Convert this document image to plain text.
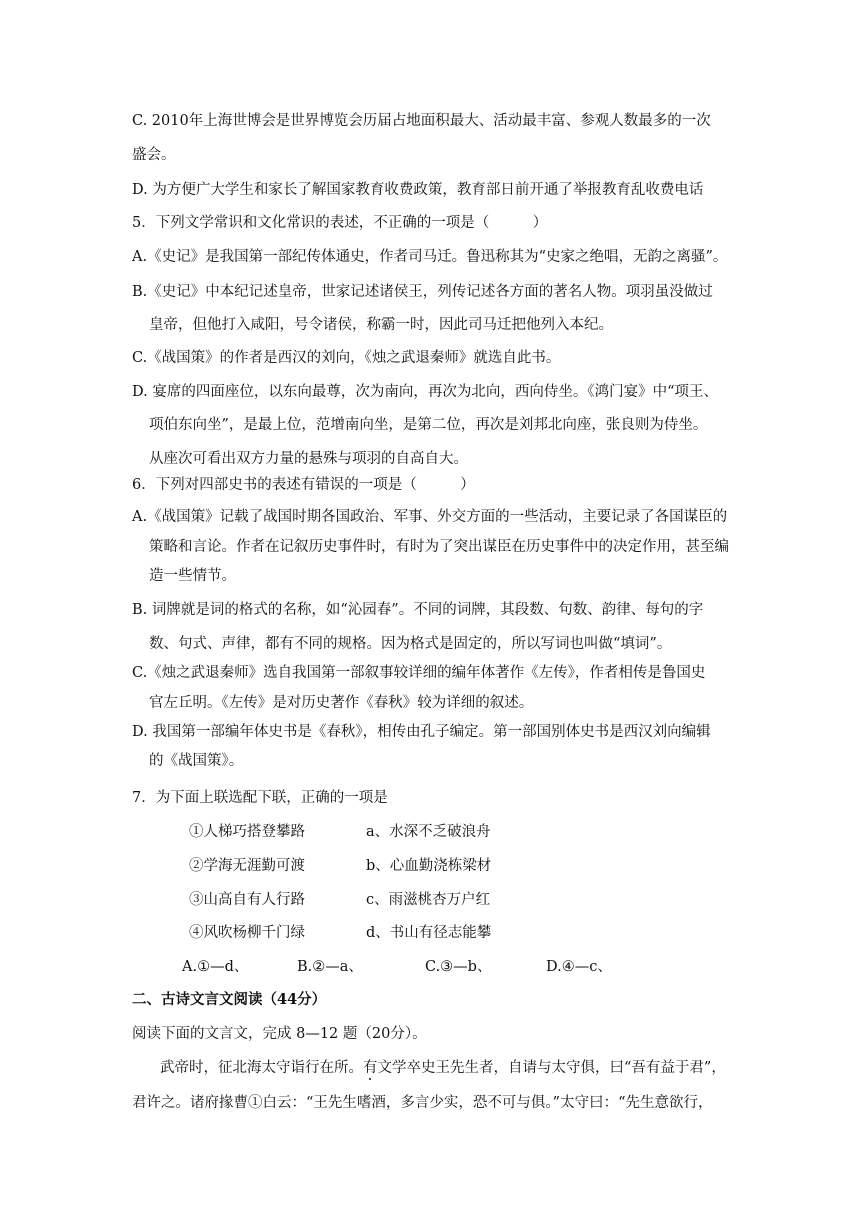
C. 2010年上海世博会是世界博览会历届占地面积最大、活动最丰富、参观人数最多的一次
盛会。
D. 为方便广大学生和家长了解国家教育收费政策，教育部日前开通了举报教育乱收费电话
5．下列文学常识和文化常识的表述，不正确的一项是（　　　）
A.《史记》是我国第一部纪传体通史，作者司马迁。鲁迅称其为“史家之绝唱，无韵之离骚”。
B.《史记》中本纪记述皇帝，世家记述诸侯王，列传记述各方面的著名人物。项羽虽没做过
皇帝，但他打入咸阳，号令诸侯，称霸一时，因此司马迁把他列入本纪。
C.《战国策》的作者是西汉的刘向，《烛之武退秦师》就选自此书。
D. 宴席的四面座位，以东向最尊，次为南向，再次为北向，西向侍坐。《鸿门宴》中“项王、
项伯东向坐”，是最上位，范增南向坐，是第二位，再次是刘邦北向座，张良则为侍坐。
从座次可看出双方力量的悬殊与项羽的自高自大。
6．下列对四部史书的表述有错误的一项是（　　　）
A.《战国策》记载了战国时期各国政治、军事、外交方面的一些活动，主要记录了各国谋臣的
策略和言论。作者在记叙历史事件时，有时为了突出谋臣在历史事件中的决定作用，甚至编
造一些情节。
B. 词牌就是词的格式的名称，如“沁园春”。不同的词牌，其段数、句数、韵律、每句的字
数、句式、声律，都有不同的规格。因为格式是固定的，所以写词也叫做“填词”。
C.《烛之武退秦师》选自我国第一部叙事较详细的编年体著作《左传》，作者相传是鲁国史
官左丘明。《左传》是对历史著作《春秋》较为详细的叙述。
D. 我国第一部编年体史书是《春秋》，相传由孔子编定。第一部国别体史书是西汉刘向编辑
的《战国策》。
7．为下面上联选配下联，正确的一项是
①人梯巧搭登攀路	a、水深不乏破浪舟
②学海无涯勤可渡	b、心血勤浇栋梁材
③山高自有人行路	c、雨滋桃杏万户红
④风吹杨柳千门绿	d、书山有径志能攀
A.①—d、	B.②—a、	C.③—b、	D.④—c、
二、古诗文言文阅读（44分）
阅读下面的文言文，完成 8—12 题（20分）。
武帝时，征北海太守诣行在所。有文学卒史王先生者，自请与太守俱，曰“吾有益于君”，
君许之。诸府掾曹①白云：“王先生嗜酒，多言少实，恐不可与俱。”太守曰：“先生意欲行，
